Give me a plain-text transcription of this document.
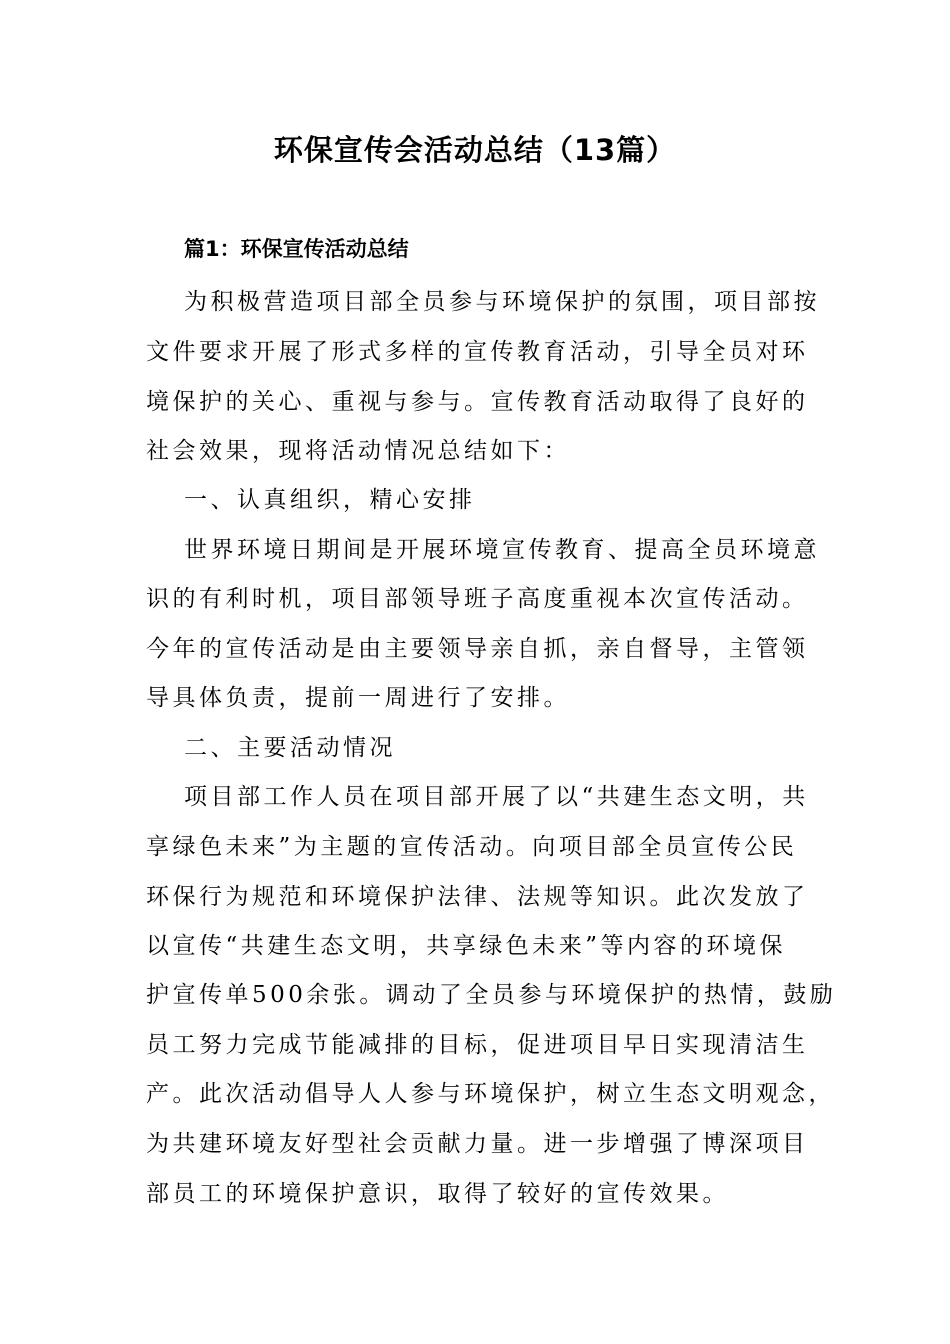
环保宣传会活动总结（13篇）
篇1：环保宣传活动总结

为积极营造项目部全员参与环境保护的氛围，项目部按

文件要求开展了形式多样的宣传教育活动，引导全员对环

境保护的关心、重视与参与。宣传教育活动取得了良好的

社会效果，现将活动情况总结如下：

一、认真组织，精心安排

世界环境日期间是开展环境宣传教育、提高全员环境意

识的有利时机，项目部领导班子高度重视本次宣传活动。

今年的宣传活动是由主要领导亲自抓，亲自督导，主管领

导具体负责，提前一周进行了安排。

二、主要活动情况

项目部工作人员在项目部开展了以“共建生态文明，共

享绿色未来”为主题的宣传活动。向项目部全员宣传公民

环保行为规范和环境保护法律、法规等知识。此次发放了

以宣传“共建生态文明，共享绿色未来”等内容的环境保

护宣传单500余张。调动了全员参与环境保护的热情，鼓励

员工努力完成节能减排的目标，促进项目早日实现清洁生

产。此次活动倡导人人参与环境保护，树立生态文明观念，

为共建环境友好型社会贡献力量。进一步增强了博深项目

部员工的环境保护意识，取得了较好的宣传效果。
